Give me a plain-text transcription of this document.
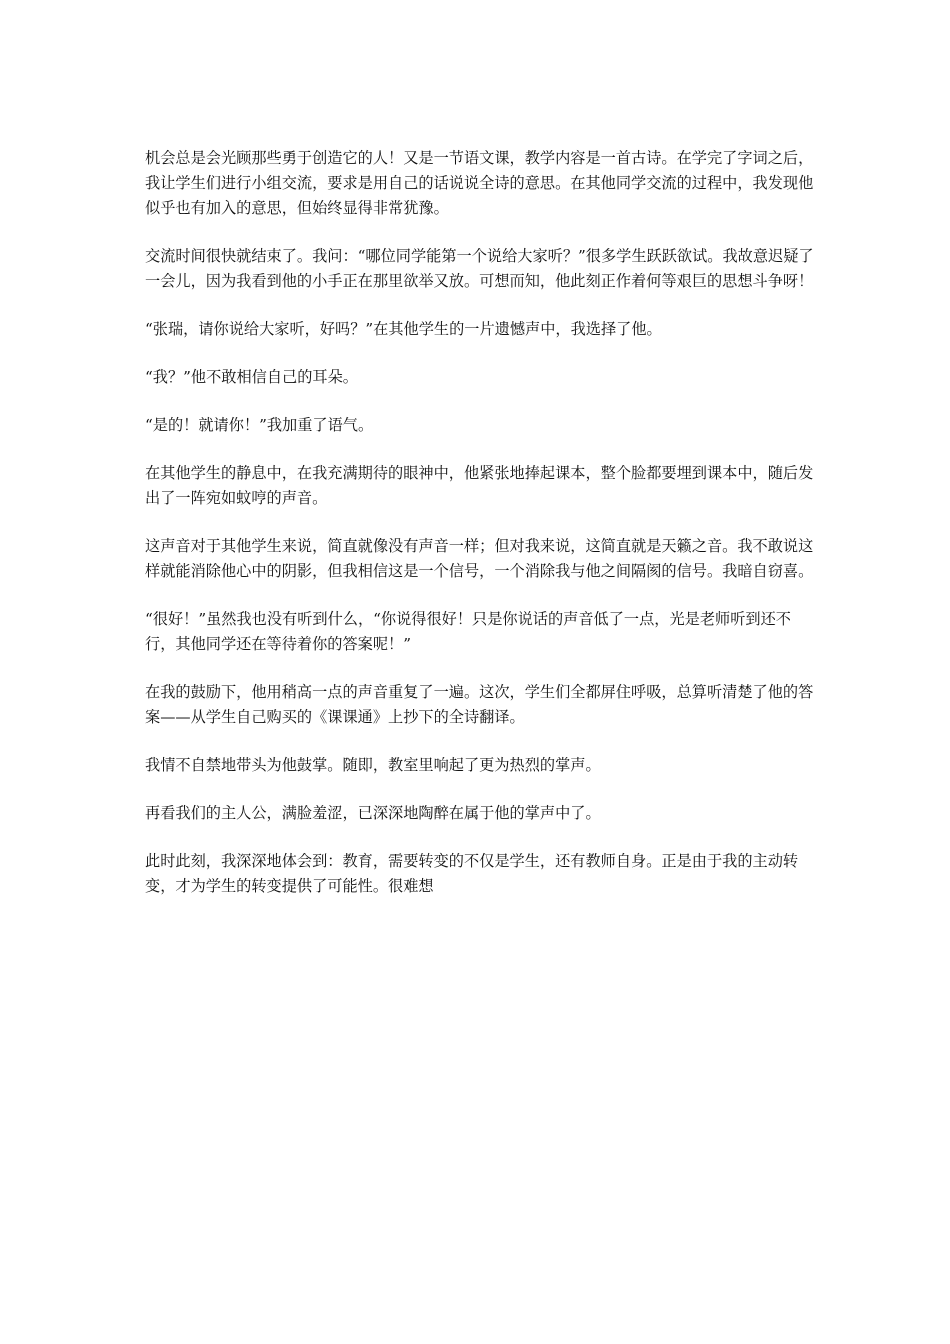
机会总是会光顾那些勇于创造它的人！又是一节语文课，教学内容是一首古诗。在学完了字词之后，我让学生们进行小组交流，要求是用自己的话说说全诗的意思。在其他同学交流的过程中，我发现他似乎也有加入的意思，但始终显得非常犹豫。

交流时间很快就结束了。我问：“哪位同学能第一个说给大家听？”很多学生跃跃欲试。我故意迟疑了一会儿，因为我看到他的小手正在那里欲举又放。可想而知，他此刻正作着何等艰巨的思想斗争呀！

“张瑞，请你说给大家听，好吗？”在其他学生的一片遗憾声中，我选择了他。

“我？”他不敢相信自己的耳朵。

“是的！就请你！”我加重了语气。

在其他学生的静息中，在我充满期待的眼神中，他紧张地捧起课本，整个脸都要埋到课本中，随后发出了一阵宛如蚊哼的声音。

这声音对于其他学生来说，简直就像没有声音一样；但对我来说，这简直就是天籁之音。我不敢说这样就能消除他心中的阴影，但我相信这是一个信号，一个消除我与他之间隔阂的信号。我暗自窃喜。

“很好！”虽然我也没有听到什么，“你说得很好！只是你说话的声音低了一点，光是老师听到还不行，其他同学还在等待着你的答案呢！”

在我的鼓励下，他用稍高一点的声音重复了一遍。这次，学生们全都屏住呼吸，总算听清楚了他的答案——从学生自己购买的《课课通》上抄下的全诗翻译。

我情不自禁地带头为他鼓掌。随即，教室里响起了更为热烈的掌声。

再看我们的主人公，满脸羞涩，已深深地陶醉在属于他的掌声中了。

此时此刻，我深深地体会到：教育，需要转变的不仅是学生，还有教师自身。正是由于我的主动转变，才为学生的转变提供了可能性。很难想
